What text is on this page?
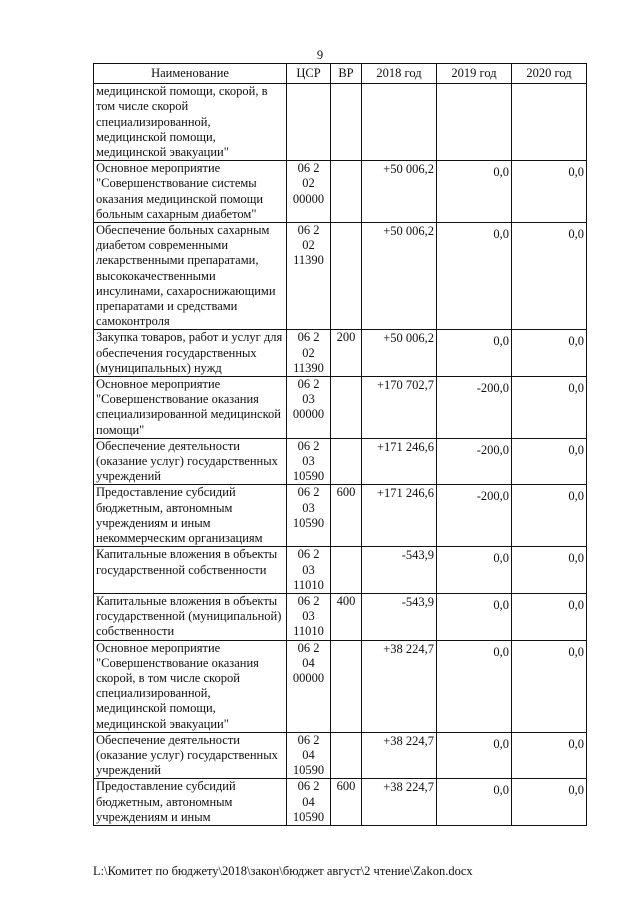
9
Наименование	ЦСР	ВР	2018 год	2019 год	2020 год
медицинской помощи, скорой, в том числе скорой специализированной, медицинской помощи, медицинской эвакуации"	

Основное мероприятие "Совершенствование системы оказания медицинской помощи больным сахарным диабетом"	06 2
02
00000		+50 006,2	0,0	0,0
Обеспечение больных сахарным диабетом современными лекарственными препаратами, высококачественными инсулинами, сахароснижающими препаратами и средствами самоконтроля	06 2
02
11390		+50 006,2	0,0	0,0
Закупка товаров, работ и услуг для обеспечения государственных (муниципальных) нужд	06 2
02
11390	200	+50 006,2	0,0	0,0
Основное мероприятие "Совершенствование оказания специализированной медицинской помощи"	06 2
03
00000		+170 702,7	-200,0	0,0
Обеспечение деятельности (оказание услуг) государственных учреждений	06 2
03
10590		+171 246,6	-200,0	0,0
Предоставление субсидий бюджетным, автономным учреждениям и иным некоммерческим организациям	06 2
03
10590	600	+171 246,6	-200,0	0,0
Капитальные вложения в объекты государственной собственности	06 2
03
11010		-543,9	0,0	0,0
Капитальные вложения в объекты государственной (муниципальной) собственности	06 2
03
11010	400	-543,9	0,0	0,0
Основное мероприятие "Совершенствование оказания скорой, в том числе скорой специализированной, медицинской помощи, медицинской эвакуации"	06 2
04
00000		+38 224,7	0,0	0,0
Обеспечение деятельности (оказание услуг) государственных учреждений	06 2
04
10590		+38 224,7	0,0	0,0
Предоставление субсидий бюджетным, автономным учреждениям и иным	06 2
04
10590	600	+38 224,7	0,0	0,0
L:\Комитет по бюджету\2018\закон\бюджет август\2 чтение\Zakon.docx
